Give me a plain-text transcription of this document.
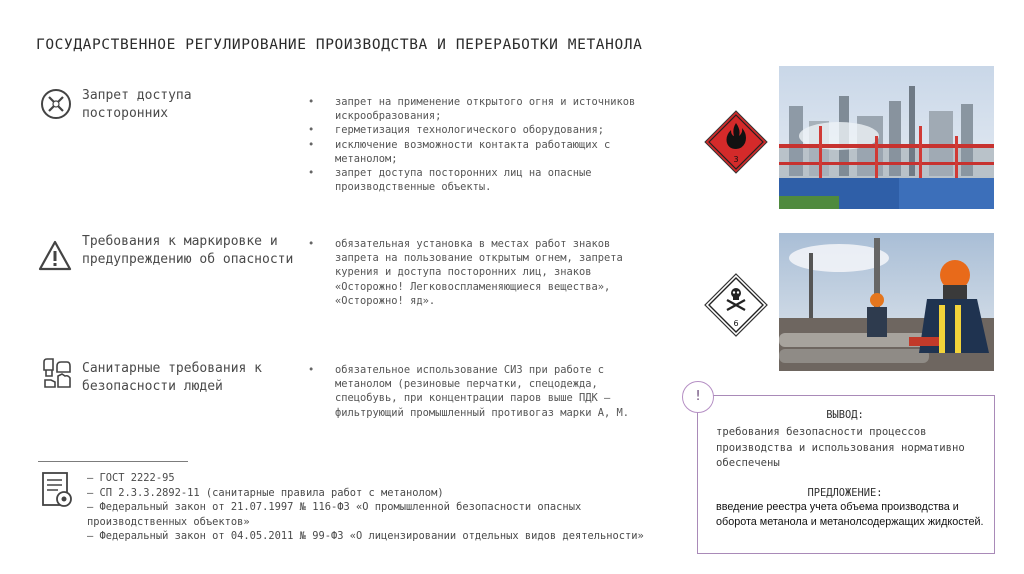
ГОСУДАРСТВЕННОЕ РЕГУЛИРОВАНИЕ ПРОИЗВОДСТВА И ПЕРЕРАБОТКИ МЕТАНОЛА
Запрет доступа посторонних
• запрет на применение открытого огня и источников искрообразования;
• герметизация технологического оборудования;
• исключение возможности контакта работающих с метанолом;
• запрет доступа посторонних лиц на опасные производственные объекты.
Требования к маркировке и предупреждению об опасности
• обязательная установка в местах работ знаков запрета на пользование открытым огнем, запрета курения и доступа посторонних лиц, знаков «Осторожно! Легковоспламеняющиеся вещества», «Осторожно! яд».
Санитарные требования к безопасности людей
• обязательное использование СИЗ при работе с метанолом (резиновые перчатки, спецодежда, спецобувь, при концентрации паров выше ПДК – фильтрующий промышленный противогаз марки А, М.
– ГОСТ 2222-95
– СП 2.3.3.2892-11 (санитарные правила работ с метанолом)
– Федеральный закон от 21.07.1997 № 116-ФЗ «О промышленной безопасности опасных производственных объектов»
– Федеральный закон от 04.05.2011 № 99-ФЗ «О лицензировании отдельных видов деятельности»
3
6
!
ВЫВОД:
требования безопасности процессов производства и использования нормативно обеспечены
ПРЕДЛОЖЕНИЕ:
введение реестра учета объема производства и оборота метанола и метанолсодержащих жидкостей.
